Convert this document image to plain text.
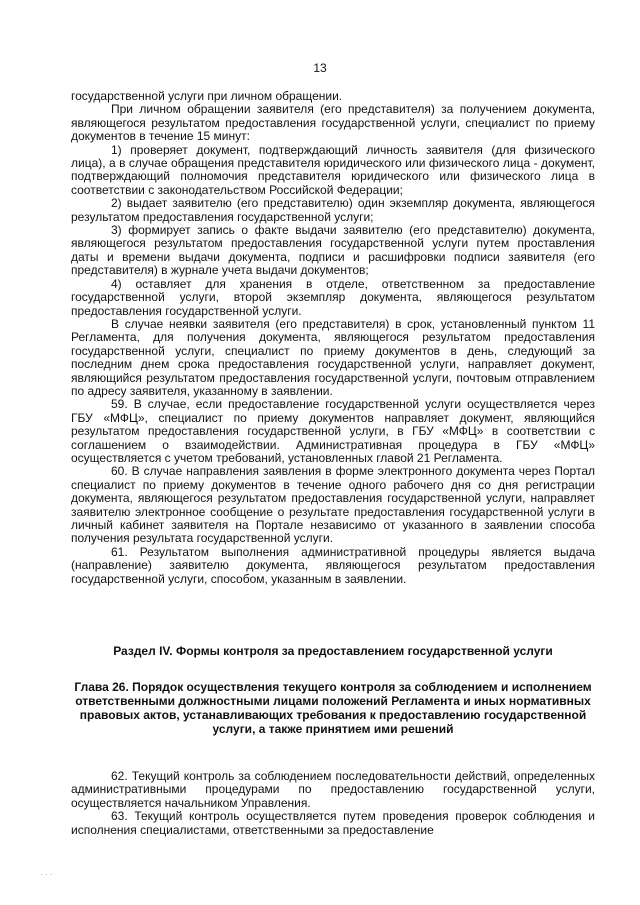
13

государственной услуги при личном обращении.

При личном обращении заявителя (его представителя) за получением документа, являющегося результатом предоставления государственной услуги, специалист по приему документов в течение 15 минут:

1) проверяет документ, подтверждающий личность заявителя (для физического лица), а в случае обращения представителя юридического или физического лица - документ, подтверждающий полномочия представителя юридического или физического лица в соответствии с законодательством Российской Федерации;

2) выдает заявителю (его представителю) один экземпляр документа, являющегося результатом предоставления государственной услуги;

3) формирует запись о факте выдачи заявителю (его представителю) документа, являющегося результатом предоставления государственной услуги путем проставления даты и времени выдачи документа, подписи и расшифровки подписи заявителя (его представителя) в журнале учета выдачи документов;

4) оставляет для хранения в отделе, ответственном за предоставление государственной услуги, второй экземпляр документа, являющегося результатом предоставления государственной услуги.

В случае неявки заявителя (его представителя) в срок, установленный пунктом 11 Регламента, для получения документа, являющегося результатом предоставления государственной услуги, специалист по приему документов в день, следующий за последним днем срока предоставления государственной услуги, направляет документ, являющийся результатом предоставления государственной услуги, почтовым отправлением по адресу заявителя, указанному в заявлении.

59. В случае, если предоставление государственной услуги осуществляется через ГБУ «МФЦ», специалист по приему документов направляет документ, являющийся результатом предоставления государственной услуги, в ГБУ «МФЦ» в соответствии с соглашением о взаимодействии. Административная процедура в ГБУ «МФЦ» осуществляется с учетом требований, установленных главой 21 Регламента.

60. В случае направления заявления в форме электронного документа через Портал специалист по приему документов в течение одного рабочего дня со дня регистрации документа, являющегося результатом предоставления государственной услуги, направляет заявителю электронное сообщение о результате предоставления государственной услуги в личный кабинет заявителя на Портале независимо от указанного в заявлении способа получения результата государственной услуги.

61. Результатом выполнения административной процедуры является выдача (направление) заявителю документа, являющегося результатом предоставления государственной услуги, способом, указанным в заявлении.

Раздел IV. Формы контроля за предоставлением государственной услуги
Глава 26. Порядок осуществления текущего контроля за соблюдением и исполнением ответственными должностными лицами положений Регламента и иных нормативных правовых актов, устанавливающих требования к предоставлению государственной услуги, а также принятием ими решений

62. Текущий контроль за соблюдением последовательности действий, определенных административными процедурами по предоставлению государственной услуги, осуществляется начальником Управления.

63. Текущий контроль осуществляется путем проведения проверок соблюдения и исполнения специалистами, ответственными за предоставление

· · ·
